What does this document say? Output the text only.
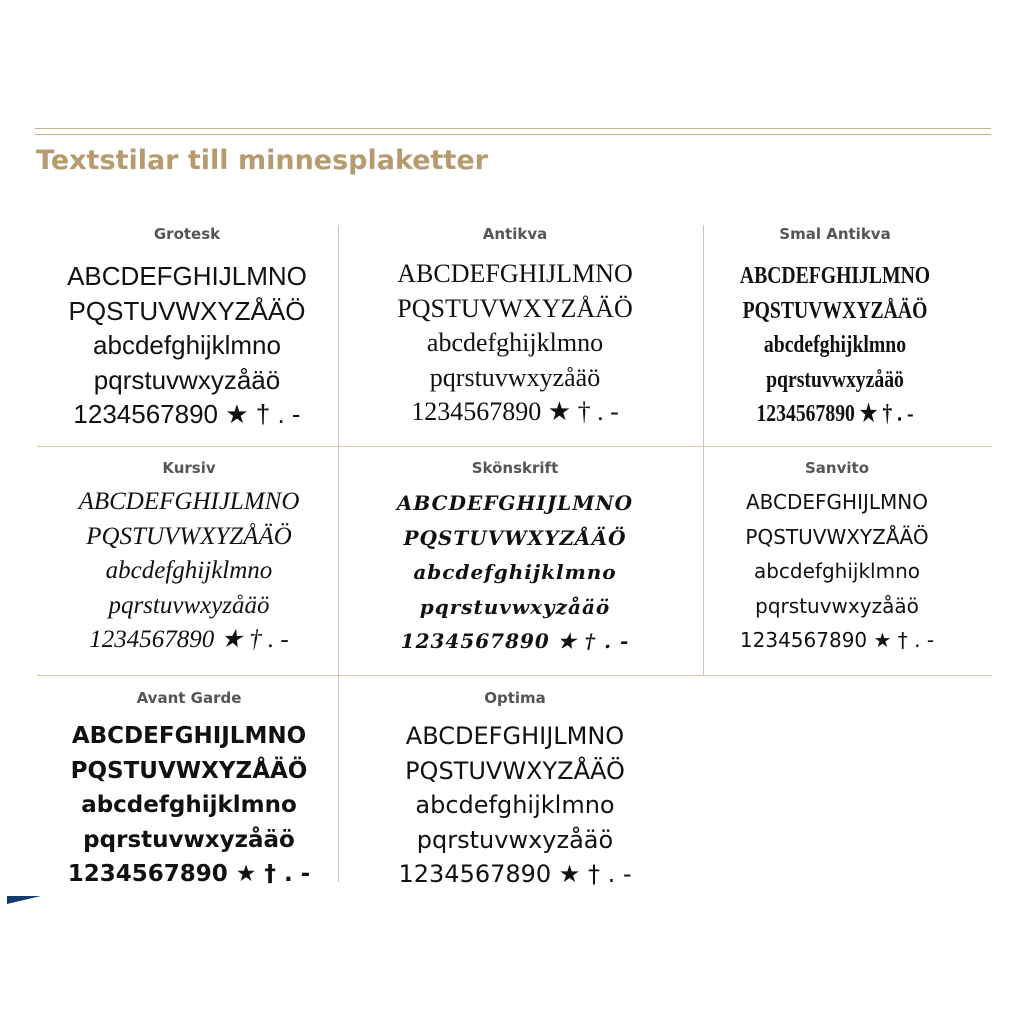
Textstilar till minnesplaketter
Grotesk
ABCDEFGHIJLMNO
PQSTUVWXYZÅÄÖ
abcdefghijklmno
pqrstuvwxyzåäö
1234567890 ★ † . -
Antikva
ABCDEFGHIJLMNO
PQSTUVWXYZÅÄÖ
abcdefghijklmno
pqrstuvwxyzåäö
1234567890 ★ † . -
Smal Antikva
ABCDEFGHIJLMNO
PQSTUVWXYZÅÄÖ
abcdefghijklmno
pqrstuvwxyzåäö
1234567890 ★ † . -
Kursiv
ABCDEFGHIJLMNO
PQSTUVWXYZÅÄÖ
abcdefghijklmno
pqrstuvwxyzåäö
1234567890 ★ † . -
Skönskrift
ABCDEFGHIJLMNO
PQSTUVWXYZÅÄÖ
abcdefghijklmno
pqrstuvwxyzåäö
1234567890 ★ † . -
Sanvito
ABCDEFGHIJLMNO
PQSTUVWXYZÅÄÖ
abcdefghijklmno
pqrstuvwxyzåäö
1234567890 ★ † . -
Avant Garde
ABCDEFGHIJLMNO
PQSTUVWXYZÅÄÖ
abcdefghijklmno
pqrstuvwxyzåäö
1234567890 ★ † . -
Optima
ABCDEFGHIJLMNO
PQSTUVWXYZÅÄÖ
abcdefghijklmno
pqrstuvwxyzåäö
1234567890 ★ † . -
